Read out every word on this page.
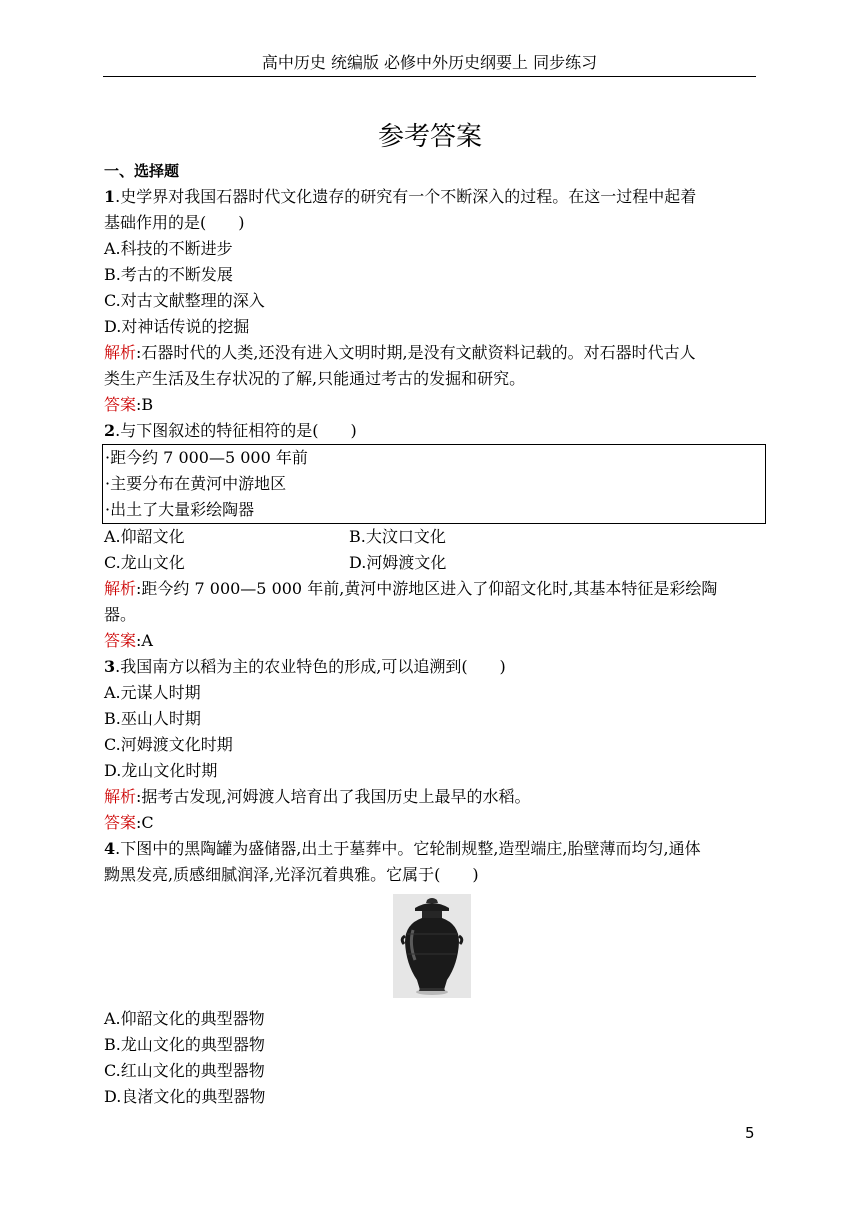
高中历史 统编版 必修中外历史纲要上 同步练习
参考答案
一、选择题
1.史学界对我国石器时代文化遗存的研究有一个不断深入的过程。在这一过程中起着
基础作用的是(　　)
A.科技的不断进步
B.考古的不断发展
C.对古文献整理的深入
D.对神话传说的挖掘
解析:石器时代的人类,还没有进入文明时期,是没有文献资料记载的。对石器时代古人
类生产生活及生存状况的了解,只能通过考古的发掘和研究。
答案:B
2.与下图叙述的特征相符的是(　　)
·距今约 7 000—5 000 年前
·主要分布在黄河中游地区
·出土了大量彩绘陶器
A.仰韶文化	B.大汶口文化
C.龙山文化	D.河姆渡文化
解析:距今约 7 000—5 000 年前,黄河中游地区进入了仰韶文化时,其基本特征是彩绘陶
器。
答案:A
3.我国南方以稻为主的农业特色的形成,可以追溯到(　　)
A.元谋人时期
B.巫山人时期
C.河姆渡文化时期
D.龙山文化时期
解析:据考古发现,河姆渡人培育出了我国历史上最早的水稻。
答案:C
4.下图中的黑陶罐为盛储器,出土于墓葬中。它轮制规整,造型端庄,胎壁薄而均匀,通体
黝黑发亮,质感细腻润泽,光泽沉着典雅。它属于(　　)
A.仰韶文化的典型器物
B.龙山文化的典型器物
C.红山文化的典型器物
D.良渚文化的典型器物
5
